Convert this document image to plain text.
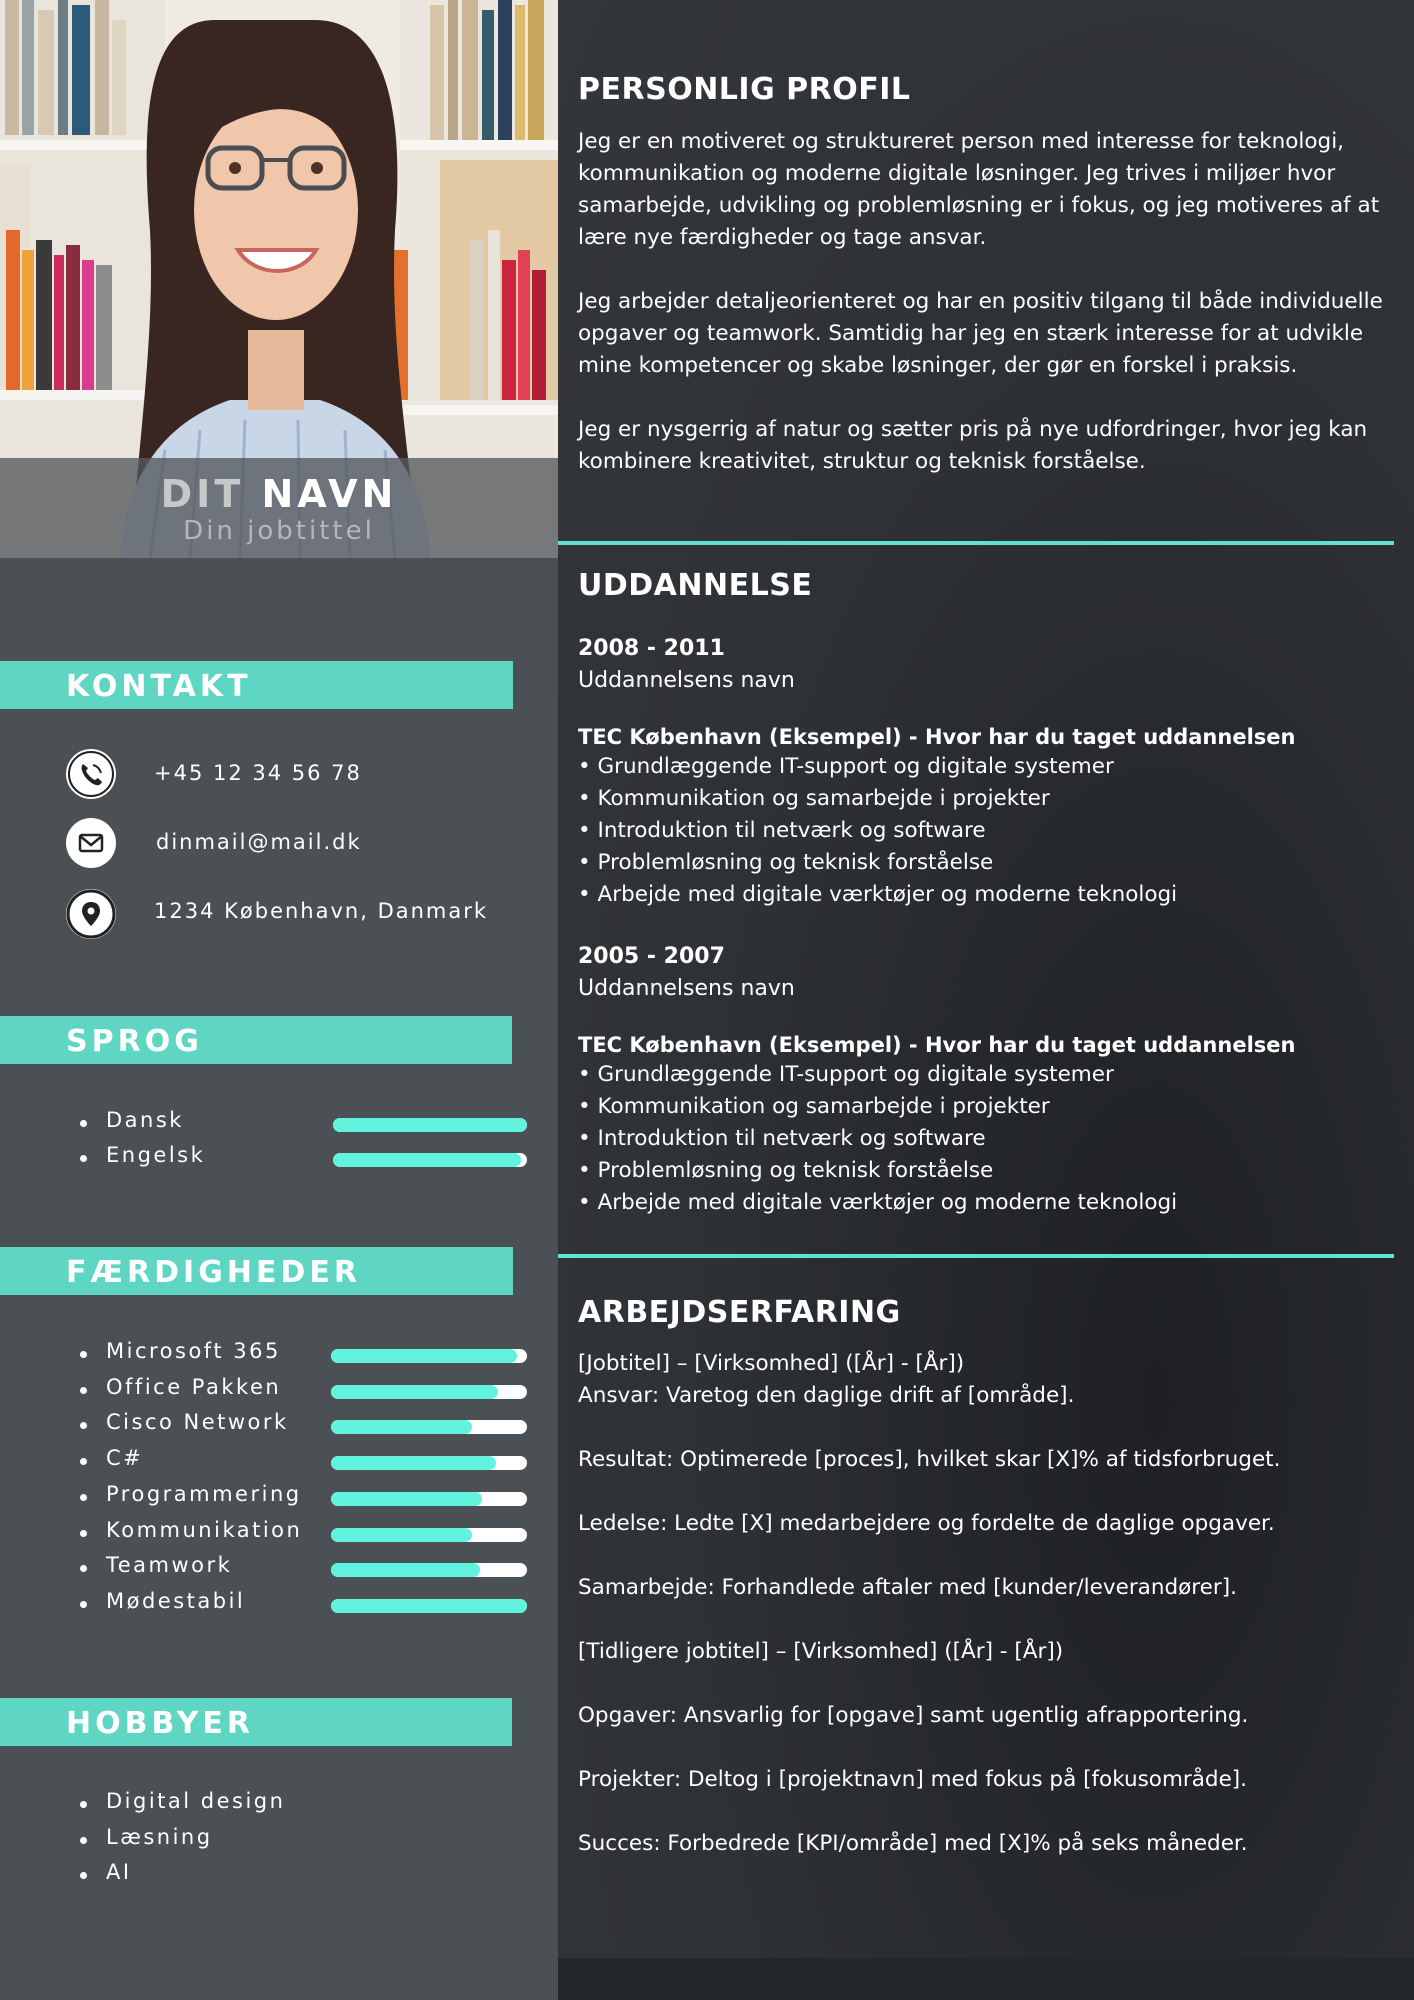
DIT NAVN
Din jobtittel
KONTAKT
+45 12 34 56 78
dinmail@mail.dk
1234 København, Danmark
SPROG
Dansk
Engelsk
FÆRDIGHEDER
Microsoft 365
Office Pakken
Cisco Network
C#
Programmering
Kommunikation
Teamwork
Mødestabil
HOBBYER
Digital design
Læsning
AI
PERSONLIG PROFIL

Jeg er en motiveret og struktureret person med interesse for teknologi, kommunikation og moderne digitale løsninger. Jeg trives i miljøer hvor samarbejde, udvikling og problemløsning er i fokus, og jeg motiveres af at lære nye færdigheder og tage ansvar.

Jeg arbejder detaljeorienteret og har en positiv tilgang til både individuelle opgaver og teamwork. Samtidig har jeg en stærk interesse for at udvikle mine kompetencer og skabe løsninger, der gør en forskel i praksis.

Jeg er nysgerrig af natur og sætter pris på nye udfordringer, hvor jeg kan kombinere kreativitet, struktur og teknisk forståelse.

UDDANNELSE
2008 - 2011
Uddannelsens navn
TEC København (Eksempel) - Hvor har du taget uddannelsen
• Grundlæggende IT-support og digitale systemer
• Kommunikation og samarbejde i projekter
• Introduktion til netværk og software
• Problemløsning og teknisk forståelse
• Arbejde med digitale værktøjer og moderne teknologi
2005 - 2007
Uddannelsens navn
TEC København (Eksempel) - Hvor har du taget uddannelsen
• Grundlæggende IT-support og digitale systemer
• Kommunikation og samarbejde i projekter
• Introduktion til netværk og software
• Problemløsning og teknisk forståelse
• Arbejde med digitale værktøjer og moderne teknologi
ARBEJDSERFARING
[Jobtitel] – [Virksomhed] ([År] - [År])
Ansvar: Varetog den daglige drift af [område].
Resultat: Optimerede [proces], hvilket skar [X]% af tidsforbruget.
Ledelse: Ledte [X] medarbejdere og fordelte de daglige opgaver.
Samarbejde: Forhandlede aftaler med [kunder/leverandører].
[Tidligere jobtitel] – [Virksomhed] ([År] - [År])
Opgaver: Ansvarlig for [opgave] samt ugentlig afrapportering.
Projekter: Deltog i [projektnavn] med fokus på [fokusområde].
Succes: Forbedrede [KPI/område] med [X]% på seks måneder.
